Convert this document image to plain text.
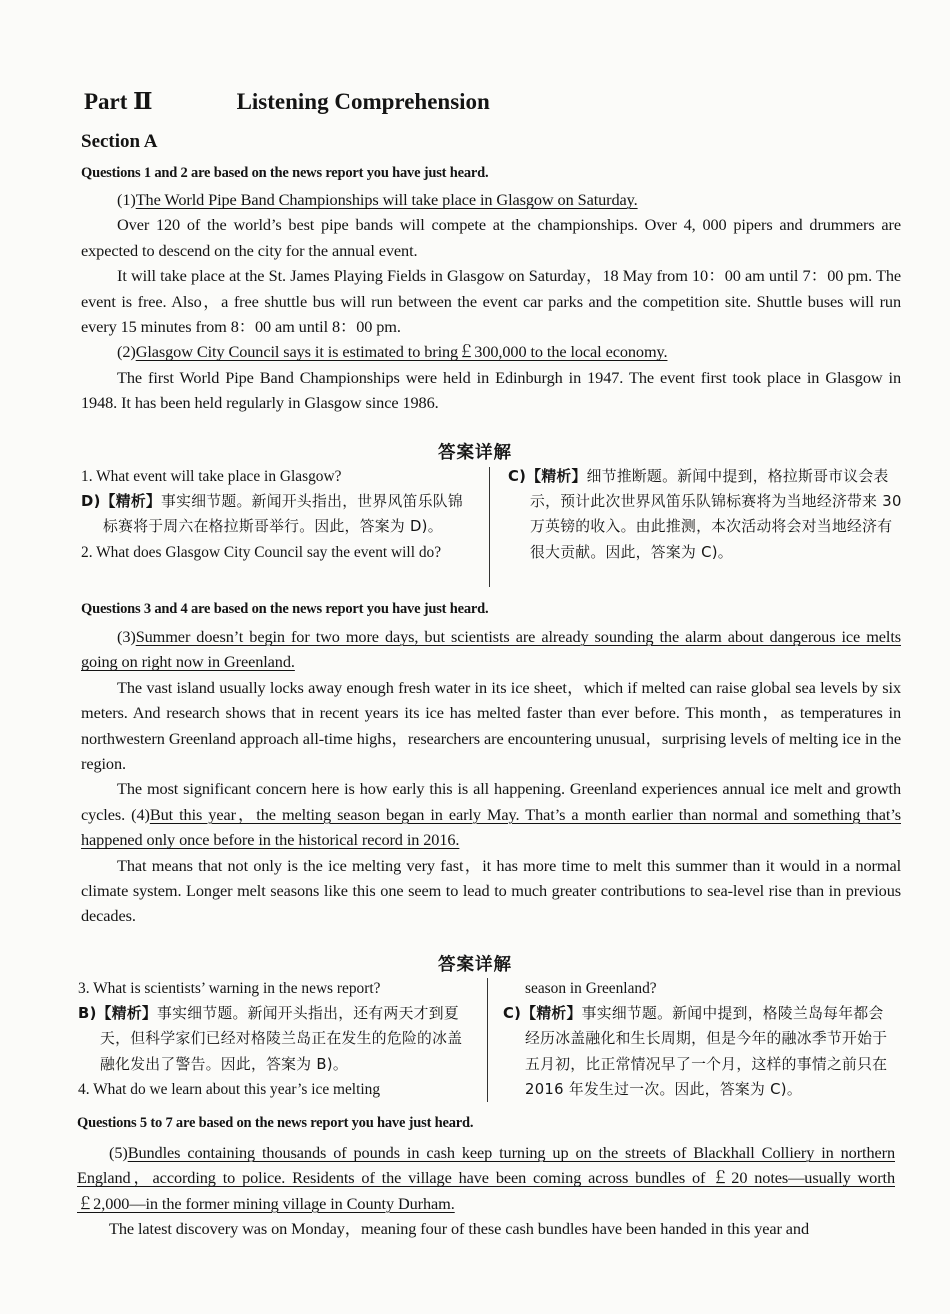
Part Ⅱ	Listening Comprehension
Section A
Questions 1 and 2 are based on the news report you have just heard.
(1)The World Pipe Band Championships will take place in Glasgow on Saturday.
Over 120 of the world’s best pipe bands will compete at the championships. Over 4, 000 pipers and drummers are expected to descend on the city for the annual event.
It will take place at the St. James Playing Fields in Glasgow on Saturday，18 May from 10：00 am until 7：00 pm. The event is free. Also，a free shuttle bus will run between the event car parks and the competition site. Shuttle buses will run every 15 minutes from 8：00 am until 8：00 pm.
(2)Glasgow City Council says it is estimated to bring￡300,000 to the local economy.
The first World Pipe Band Championships were held in Edinburgh in 1947. The event first took place in Glasgow in 1948. It has been held regularly in Glasgow since 1986.
答案详解
1. What event will take place in Glasgow?
D)【精析】事实细节题。新闻开头指出，世界风笛乐队锦标赛将于周六在格拉斯哥举行。因此，答案为 D)。
2. What does Glasgow City Council say the event will do?
C)【精析】细节推断题。新闻中提到，格拉斯哥市议会表示，预计此次世界风笛乐队锦标赛将为当地经济带来 30 万英镑的收入。由此推测，本次活动将会对当地经济有很大贡献。因此，答案为 C)。
Questions 3 and 4 are based on the news report you have just heard.
(3)Summer doesn’t begin for two more days, but scientists are already sounding the alarm about dangerous ice melts going on right now in Greenland.
The vast island usually locks away enough fresh water in its ice sheet，which if melted can raise global sea levels by six meters. And research shows that in recent years its ice has melted faster than ever before. This month，as temperatures in northwestern Greenland approach all-time highs，researchers are encountering unusual，surprising levels of melting ice in the region.
The most significant concern here is how early this is all happening. Greenland experiences annual ice melt and growth cycles. (4)But this year，the melting season began in early May. That’s a month earlier than normal and something that’s happened only once before in the historical record in 2016.
That means that not only is the ice melting very fast，it has more time to melt this summer than it would in a normal climate system. Longer melt seasons like this one seem to lead to much greater contributions to sea-level rise than in previous decades.
答案详解
3. What is scientists’ warning in the news report?
B)【精析】事实细节题。新闻开头指出，还有两天才到夏天，但科学家们已经对格陵兰岛正在发生的危险的冰盖融化发出了警告。因此，答案为 B)。
4. What do we learn about this year’s ice melting
season in Greenland?
C)【精析】事实细节题。新闻中提到，格陵兰岛每年都会经历冰盖融化和生长周期，但是今年的融冰季节开始于五月初，比正常情况早了一个月，这样的事情之前只在 2016 年发生过一次。因此，答案为 C)。
Questions 5 to 7 are based on the news report you have just heard.
(5)Bundles containing thousands of pounds in cash keep turning up on the streets of Blackhall Colliery in northern England，according to police. Residents of the village have been coming across bundles of ￡20 notes—usually worth ￡2,000—in the former mining village in County Durham.
The latest discovery was on Monday，meaning four of these cash bundles have been handed in this year and
